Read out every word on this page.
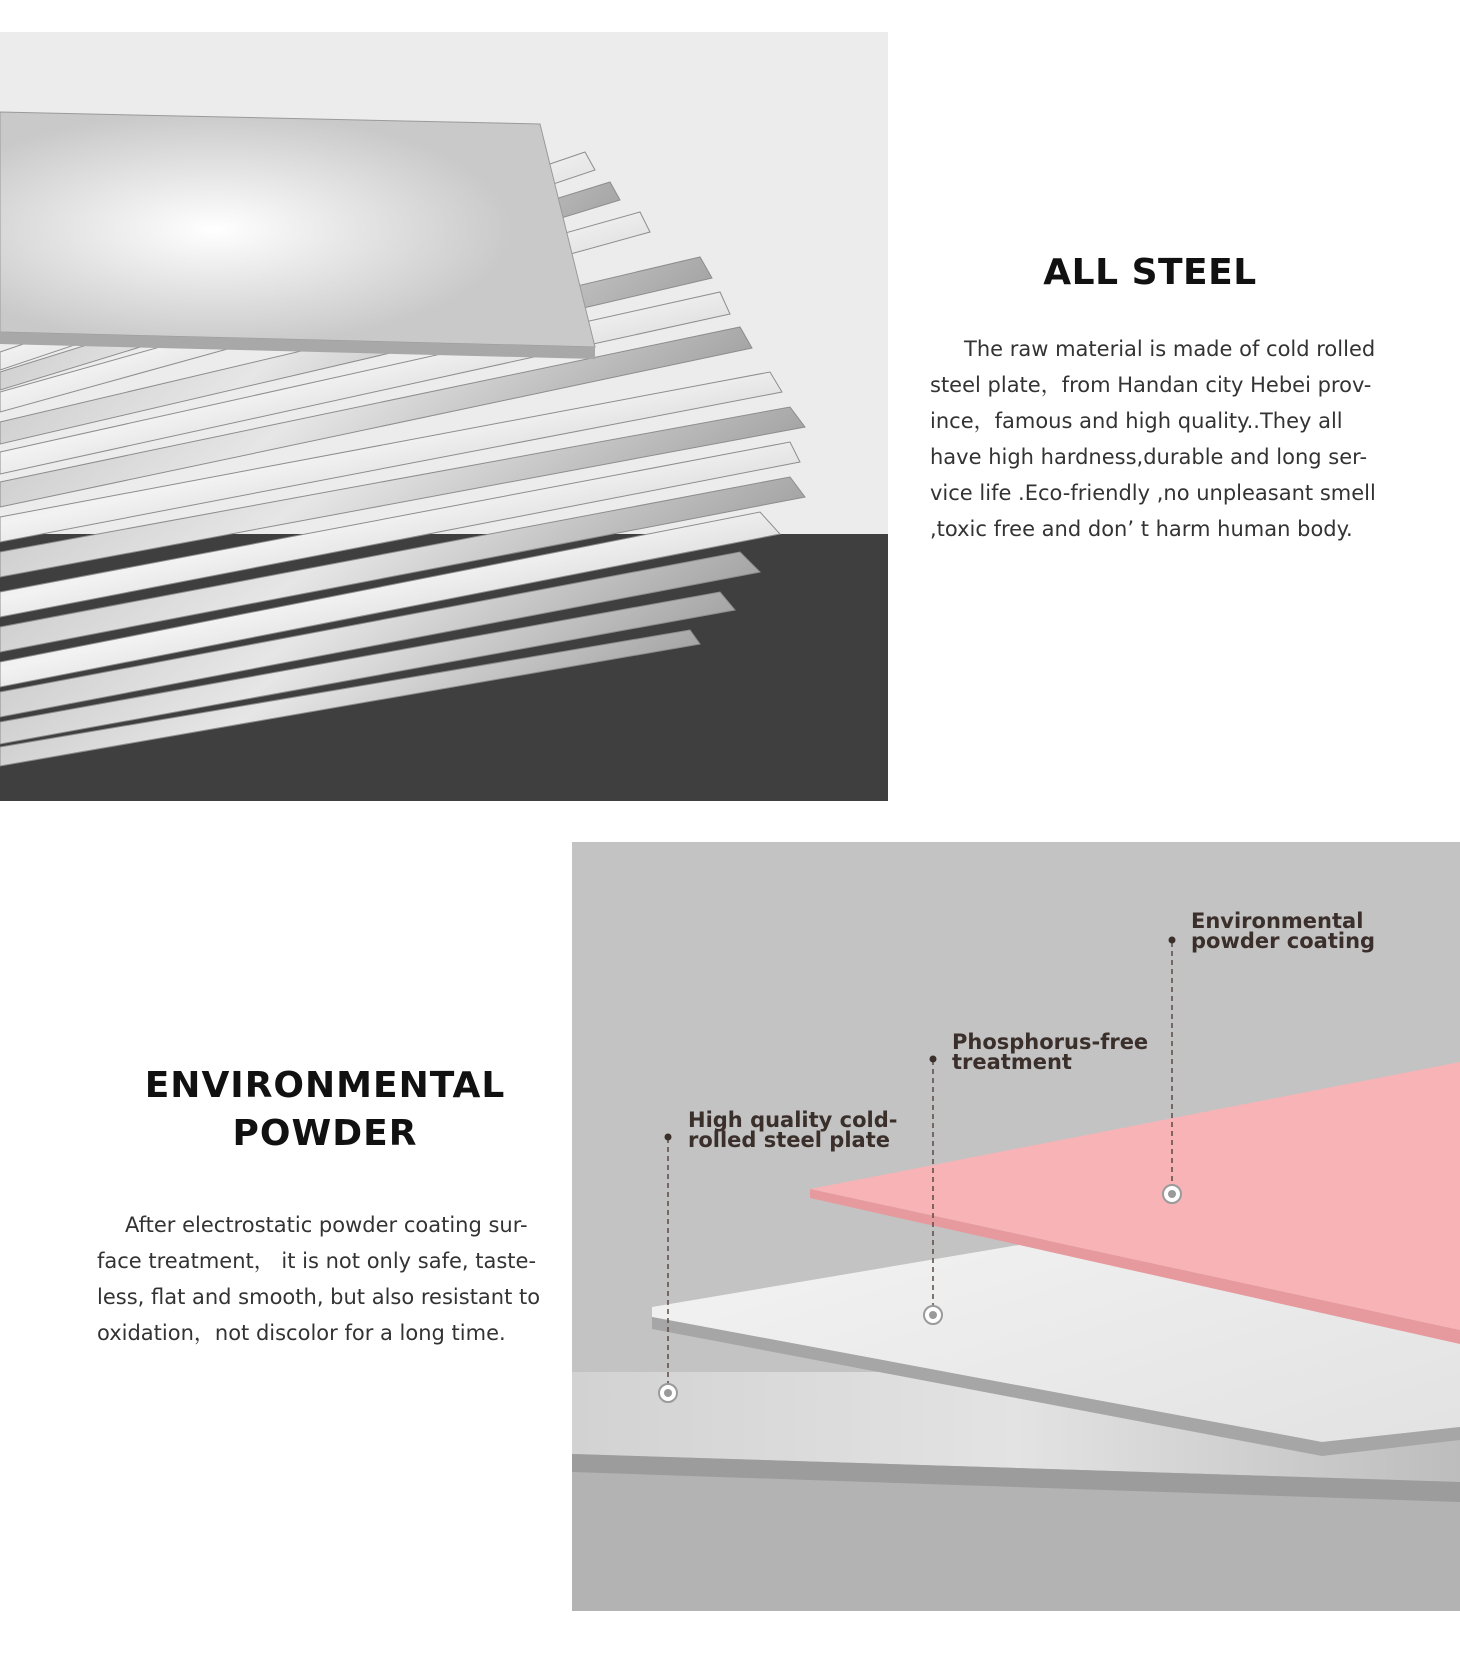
ALL STEEL

The raw material is made of cold rolled
steel plate，from Handan city Hebei prov-
ince，famous and high quality..They all
have high hardness,durable and long ser-
vice life .Eco-friendly ,no unpleasant smell
,toxic free and don’ t harm human body.

ENVIRONMENTAL
POWDER

After electrostatic powder coating sur-
face treatment， it is not only safe, taste-
less, flat and smooth, but also resistant to
oxidation，not discolor for a long time.

Environmental
powder coating
Phosphorus-free
treatment
High quality cold-
rolled steel plate
